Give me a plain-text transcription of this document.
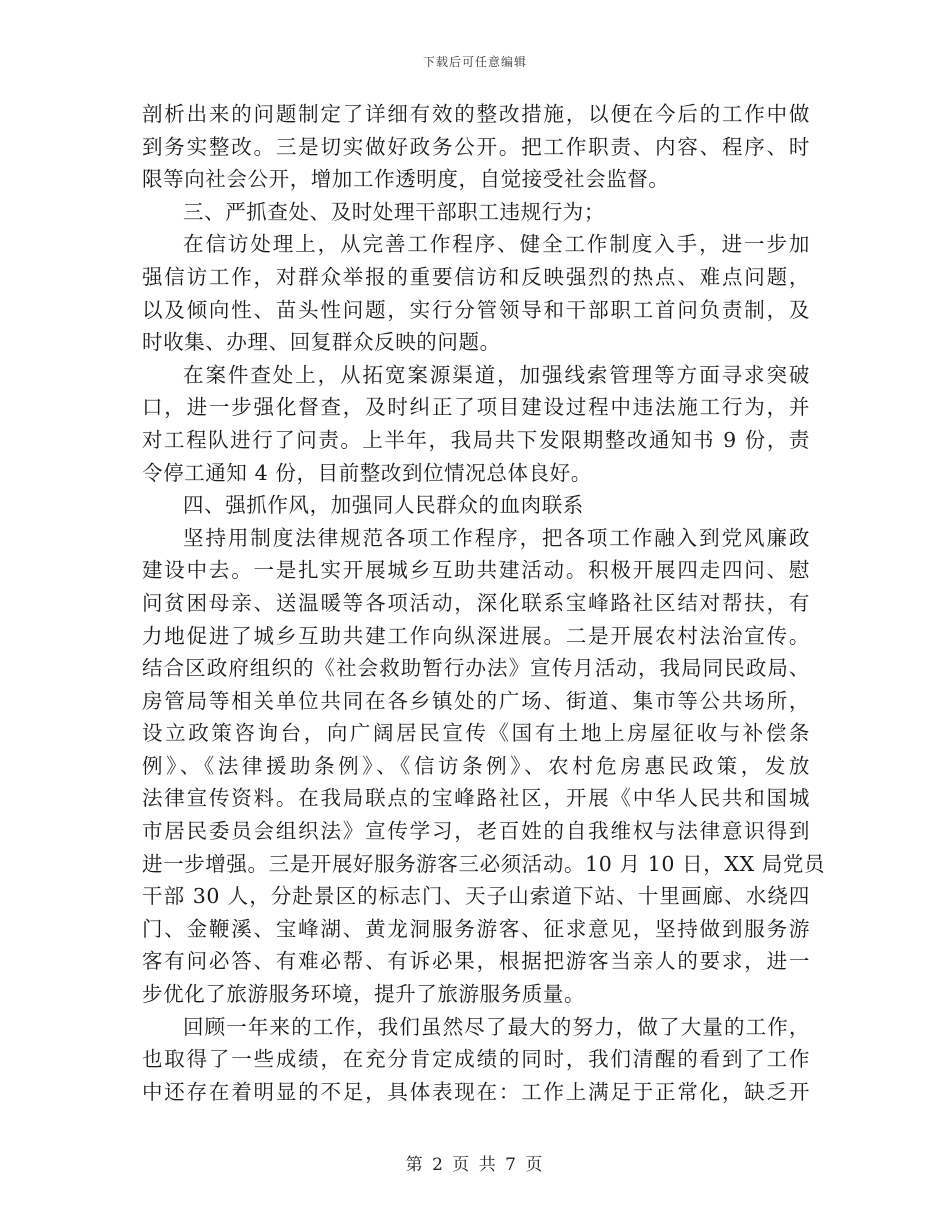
下载后可任意编辑
剖析出来的问题制定了详细有效的整改措施，以便在今后的工作中做
到务实整改。三是切实做好政务公开。把工作职责、内容、程序、时
限等向社会公开，增加工作透明度，自觉接受社会监督。
三、严抓查处、及时处理干部职工违规行为；
在信访处理上，从完善工作程序、健全工作制度入手，进一步加
强信访工作，对群众举报的重要信访和反映强烈的热点、难点问题，
以及倾向性、苗头性问题，实行分管领导和干部职工首问负责制，及
时收集、办理、回复群众反映的问题。
在案件查处上，从拓宽案源渠道，加强线索管理等方面寻求突破
口，进一步强化督查，及时纠正了项目建设过程中违法施工行为，并
对工程队进行了问责。上半年，我局共下发限期整改通知书 9 份，责
令停工通知 4 份，目前整改到位情况总体良好。
四、强抓作风，加强同人民群众的血肉联系
坚持用制度法律规范各项工作程序，把各项工作融入到党风廉政
建设中去。一是扎实开展城乡互助共建活动。积极开展四走四问、慰
问贫困母亲、送温暖等各项活动，深化联系宝峰路社区结对帮扶，有
力地促进了城乡互助共建工作向纵深进展。二是开展农村法治宣传。
结合区政府组织的《社会救助暂行办法》宣传月活动，我局同民政局、
房管局等相关单位共同在各乡镇处的广场、街道、集市等公共场所，
设立政策咨询台，向广阔居民宣传《国有土地上房屋征收与补偿条
例》、《法律援助条例》、《信访条例》、农村危房惠民政策，发放
法律宣传资料。在我局联点的宝峰路社区，开展《中华人民共和国城
市居民委员会组织法》宣传学习，老百姓的自我维权与法律意识得到
进一步增强。三是开展好服务游客三必须活动。10 月 10 日，XX 局党员
干部 30 人，分赴景区的标志门、天子山索道下站、十里画廊、水绕四
门、金鞭溪、宝峰湖、黄龙洞服务游客、征求意见，坚持做到服务游
客有问必答、有难必帮、有诉必果，根据把游客当亲人的要求，进一
步优化了旅游服务环境，提升了旅游服务质量。
回顾一年来的工作，我们虽然尽了最大的努力，做了大量的工作，
也取得了一些成绩，在充分肯定成绩的同时，我们清醒的看到了工作
中还存在着明显的不足，具体表现在：工作上满足于正常化，缺乏开
第 2 页 共 7 页
